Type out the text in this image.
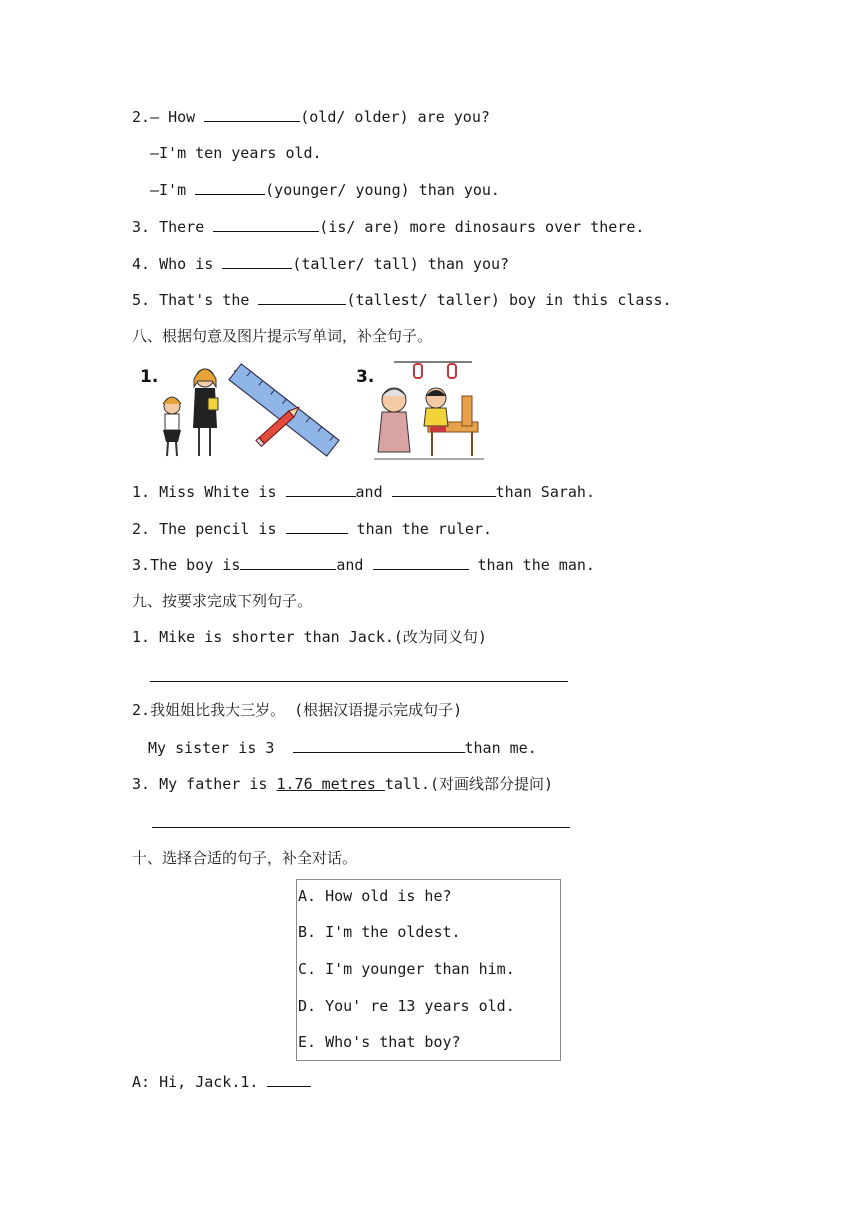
2.— How	(old/ older) are you?
—I'm ten years old.
—I'm	(younger/ young) than you.
3. There	(is/ are) more dinosaurs over there.
4. Who is	(taller/ tall) than you?
5. That's the	(tallest/ taller) boy in this class.
八、根据句意及图片提示写单词，补全句子。
1.	3.
1. Miss White is	and	than Sarah.
2. The pencil is	than the ruler.
3.The boy is	and	than the man.
九、按要求完成下列句子。
1. Mike is shorter than Jack.(改为同义句)
2.我姐姐比我大三岁。 (根据汉语提示完成句子)
My sister is 3	than me.
3. My father is 1.76 metres tall.(对画线部分提问)
十、选择合适的句子，补全对话。
A. How old is he?
B. I'm the oldest.
C. I'm younger than him.
D. You' re 13 years old.
E. Who's that boy?
A: Hi, Jack.1.
